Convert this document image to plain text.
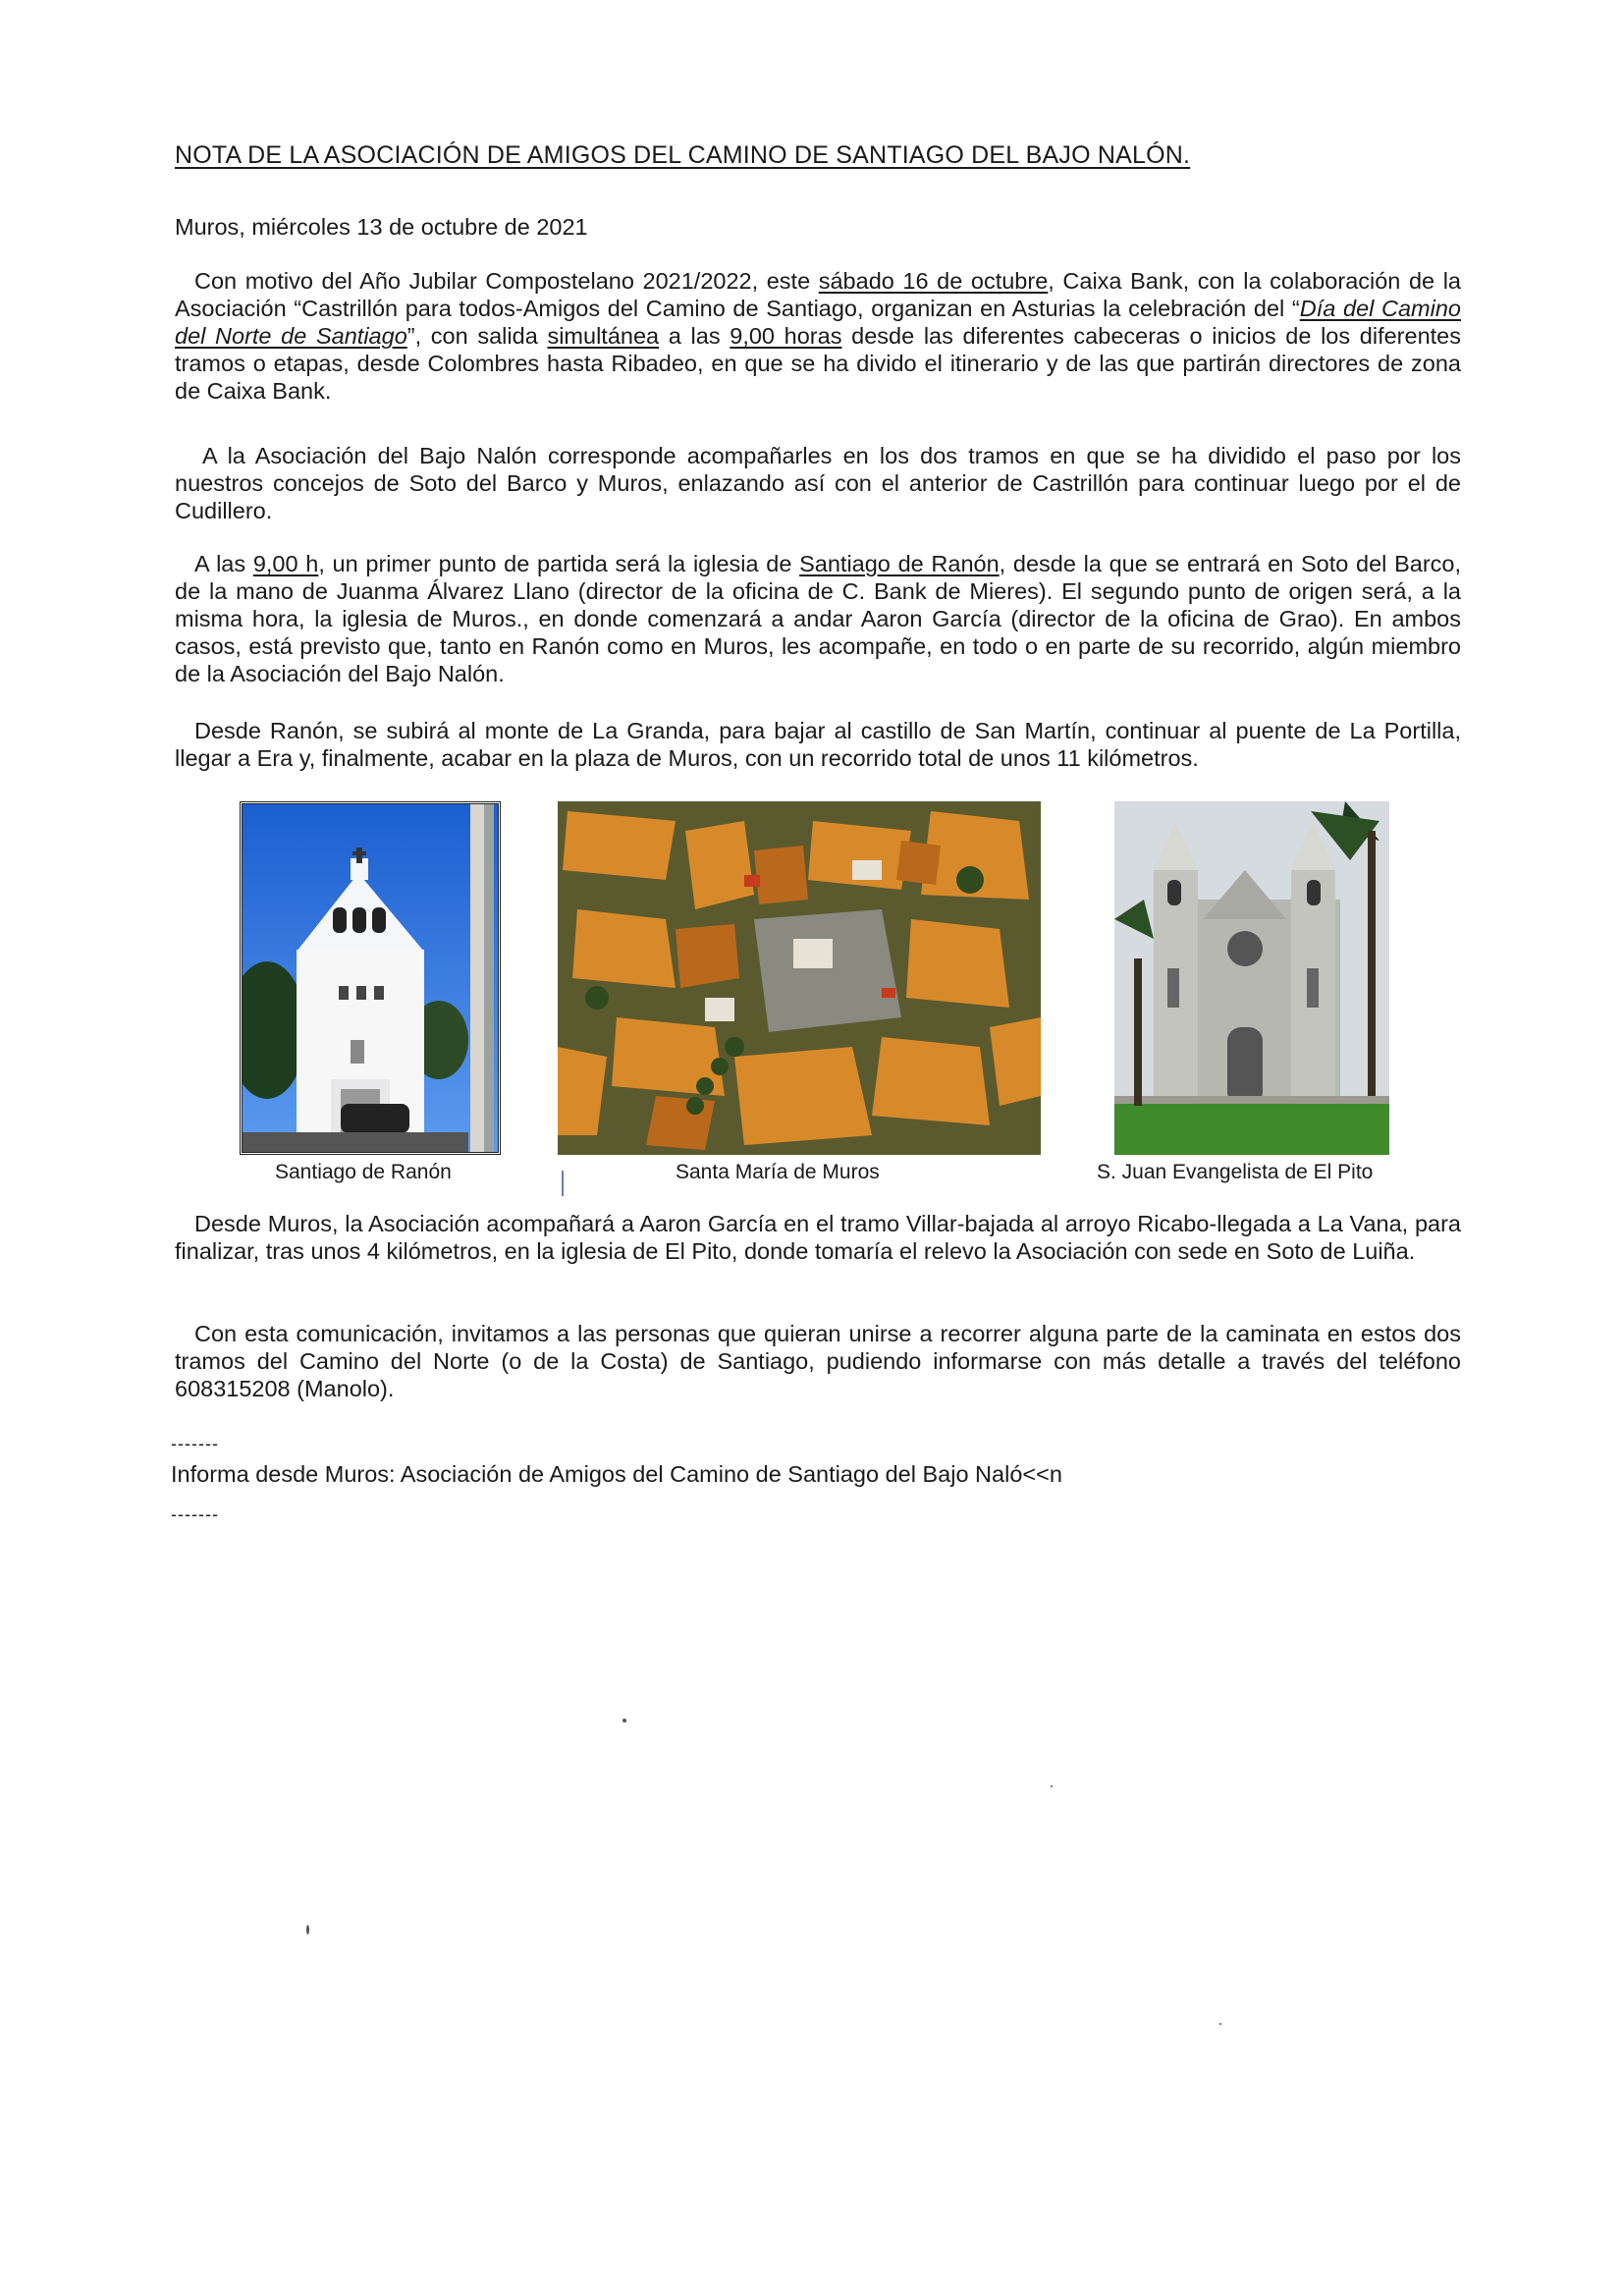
NOTA DE LA ASOCIACIÓN DE AMIGOS DEL CAMINO DE SANTIAGO DEL BAJO NALÓN.
Muros, miércoles 13 de octubre de 2021
Con motivo del Año Jubilar Compostelano 2021/2022, este sábado 16 de octubre, Caixa Bank, con la colaboración de la Asociación “Castrillón para todos-Amigos del Camino de Santiago, organizan en Asturias la celebración del “Día del Camino del Norte de Santiago”, con salida simultánea a las 9,00 horas desde las diferentes cabeceras o inicios de los diferentes tramos o etapas, desde Colombres hasta Ribadeo, en que se ha divido el itinerario y de las que partirán directores de zona de Caixa Bank.
A la Asociación del Bajo Nalón corresponde acompañarles en los dos tramos en que se ha dividido el paso por los nuestros concejos de Soto del Barco y Muros, enlazando así con el anterior de Castrillón para continuar luego por el de Cudillero.
A las 9,00 h, un primer punto de partida será la iglesia de Santiago de Ranón, desde la que se entrará en Soto del Barco, de la mano de Juanma Álvarez Llano (director de la oficina de C. Bank de Mieres). El segundo punto de origen será, a la misma hora, la iglesia de Muros., en donde comenzará a andar Aaron García (director de la oficina de Grao). En ambos casos, está previsto que, tanto en Ranón como en Muros, les acompañe, en todo o en parte de su recorrido, algún miembro de la Asociación del Bajo Nalón.
Desde Ranón, se subirá al monte de La Granda, para bajar al castillo de San Martín, continuar al puente de La Portilla, llegar a Era y, finalmente, acabar en la plaza de Muros, con un recorrido total de unos 11 kilómetros.
Santiago de Ranón	Santa María de Muros	S. Juan Evangelista de El Pito
Desde Muros, la Asociación acompañará a Aaron García en el tramo Villar-bajada al arroyo Ricabo-llegada a La Vana, para finalizar, tras unos 4 kilómetros, en la iglesia de El Pito, donde tomaría el relevo la Asociación con sede en Soto de Luiña.
Con esta comunicación, invitamos a las personas que quieran unirse a recorrer alguna parte de la caminata en estos dos tramos del Camino del Norte (o de la Costa) de Santiago, pudiendo informarse con más detalle a través del teléfono 608315208 (Manolo).
-------
Informa desde Muros: Asociación de Amigos del Camino de Santiago del Bajo Naló<<n
-------
